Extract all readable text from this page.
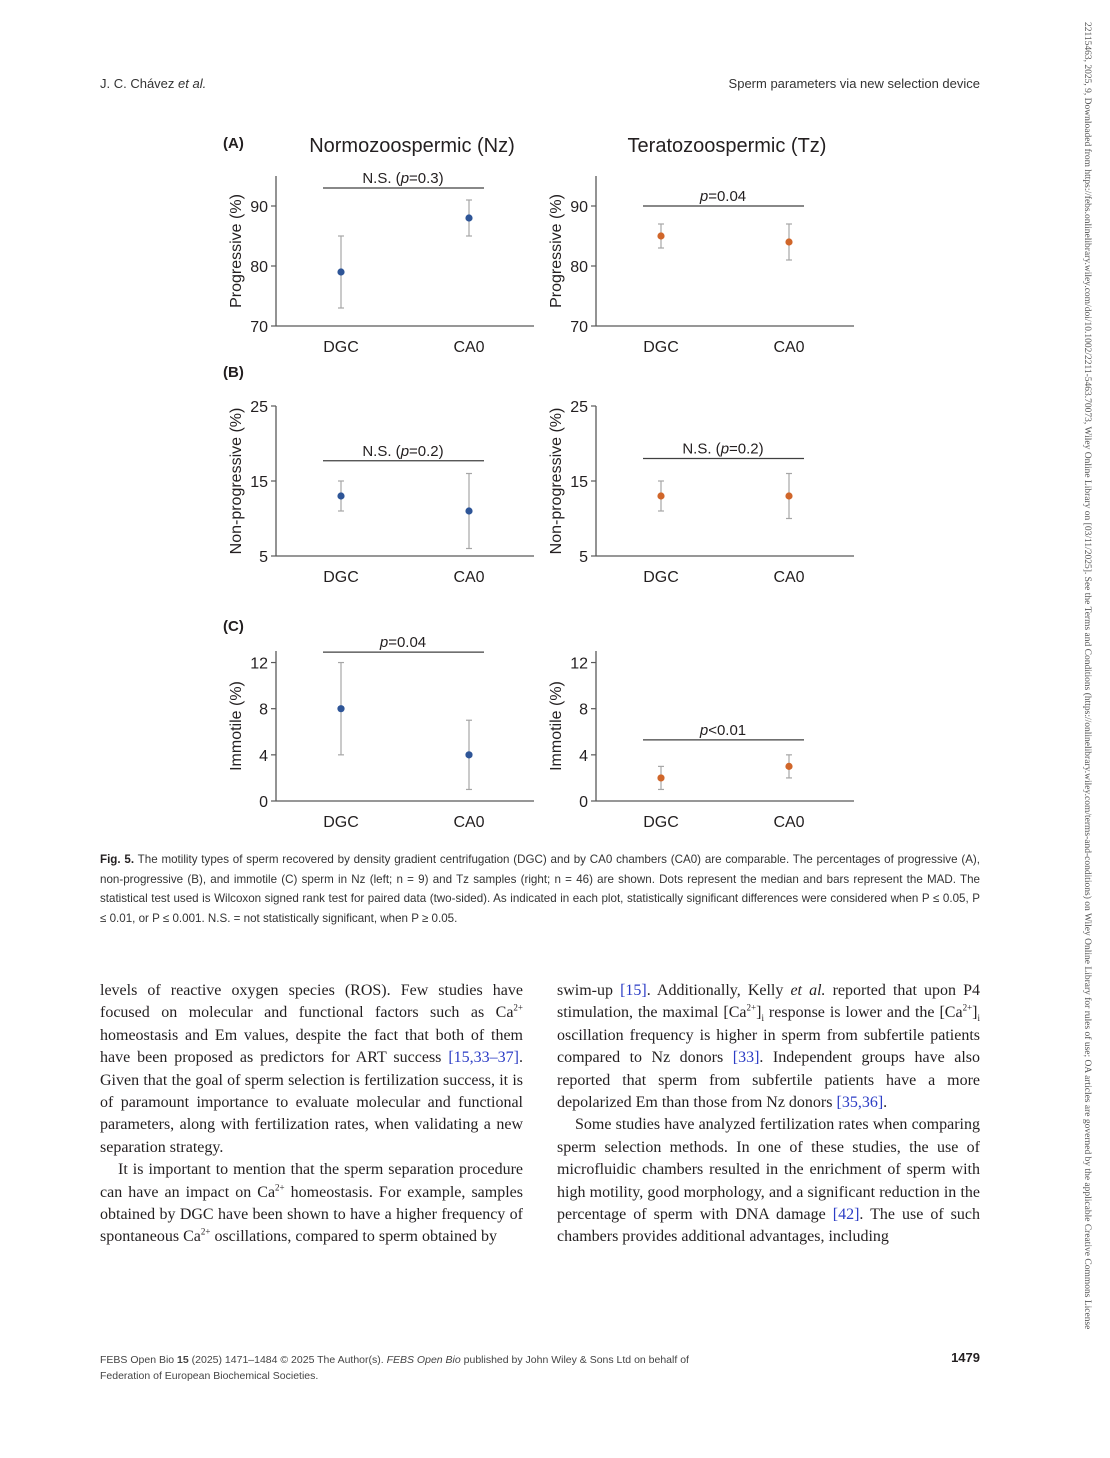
J. C. Chávez et al.	Sperm parameters via new selection device	22115463, 2025, 9, Downloaded from https://febs.onlinelibrary.wiley.com/doi/10.1002/2211-5463.70073, Wiley Online Library on [03/11/2025]. See the Terms and Conditions (https://onlinelibrary.wiley.com/terms-and-conditions) on Wiley Online Library for rules of use; OA articles are governed by the applicable Creative Commons License
Normozoospermic (Nz)	Teratozoospermic (Tz)
(A)
(B)
(C)
70
80
90
Progressive (%)
DGC	CA0
N.S. (p=0.3)
70
80
90
Progressive (%)
DGC	CA0
p=0.04
5
15
25
Non-progressive (%)
DGC	CA0
N.S. (p=0.2)
5
15
25
Non-progressive (%)
DGC	CA0
N.S. (p=0.2)
0
4
8
12
Immotile (%)
DGC	CA0
p=0.04
0
4
8
12
Immotile (%)
DGC	CA0
p<0.01
Fig. 5. The motility types of sperm recovered by density gradient centrifugation (DGC) and by CA0 chambers (CA0) are comparable. The percentages of progressive (A), non-progressive (B), and immotile (C) sperm in Nz (left; n = 9) and Tz samples (right; n = 46) are shown. Dots represent the median and bars represent the MAD. The statistical test used is Wilcoxon signed rank test for paired data (two-sided). As indicated in each plot, statistically significant differences were considered when P ≤ 0.05, P ≤ 0.01, or P ≤ 0.001. N.S. = not statistically significant, when P ≥ 0.05.

levels of reactive oxygen species (ROS). Few studies have focused on molecular and functional factors such as $Ca^{2+}$ homeostasis and Em values, despite the fact that both of them have been proposed as predictors for ART success [15,33–37]. Given that the goal of sperm selection is fertilization success, it is of paramount importance to evaluate molecular and functional parameters, along with fertilization rates, when validating a new separation strategy.

It is important to mention that the sperm separation procedure can have an impact on $Ca^{2+}$ homeostasis. For example, samples obtained by DGC have been shown to have a higher frequency of spontaneous $Ca^{2+}$ oscillations, compared to sperm obtained by

swim-up [15]. Additionally, Kelly et al. reported that upon P4 stimulation, the maximal $[Ca^{2+}]_i$ response is lower and the $[Ca^{2+}]_i$ oscillation frequency is higher in sperm from subfertile patients compared to Nz donors [33]. Independent groups have also reported that sperm from subfertile patients have a more depolarized Em than those from Nz donors [35,36].

Some studies have analyzed fertilization rates when comparing sperm selection methods. In one of these studies, the use of microfluidic chambers resulted in the enrichment of sperm with high motility, good morphology, and a significant reduction in the percentage of sperm with DNA damage [42]. The use of such chambers provides additional advantages, including

FEBS Open Bio 15 (2025) 1471–1484 © 2025 The Author(s). FEBS Open Bio published by John Wiley & Sons Ltd on behalf of
Federation of European Biochemical Societies.
1479
